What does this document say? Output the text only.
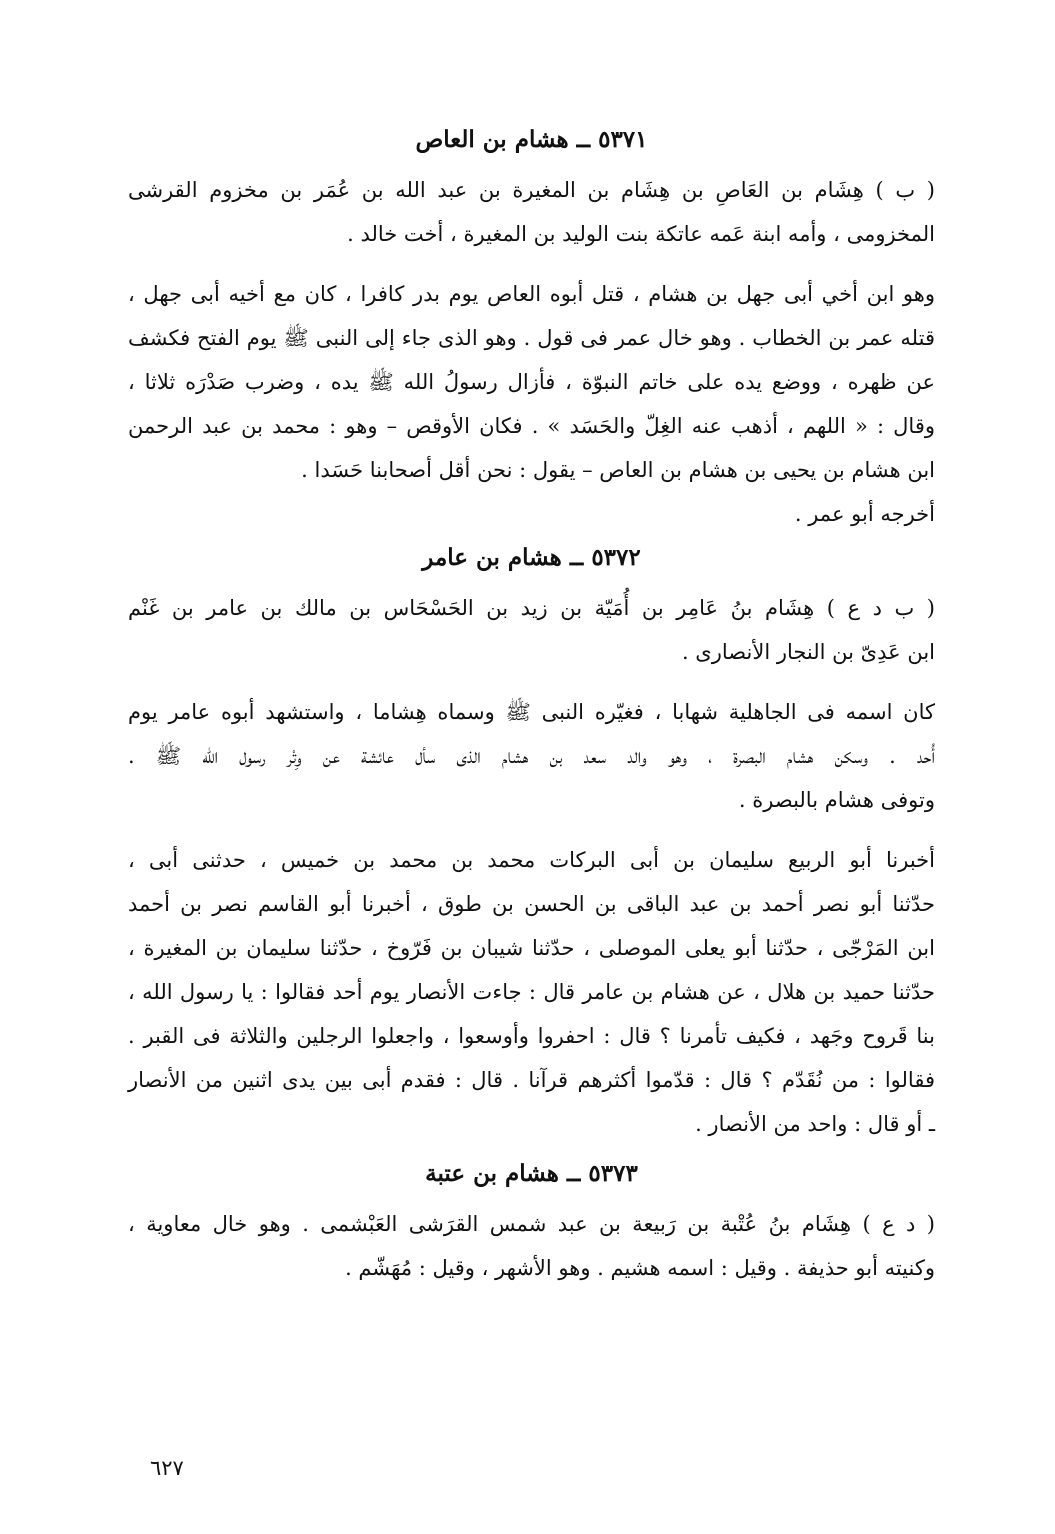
٥٣٧١ ــ هشام بن العاص

( ب ) هِشَام بن العَاصِ بن هِشَام بن المغيرة بن عبد الله بن عُمَر بن مخزوم القرشى

المخزومى ، وأمه ابنة عَمه عاتكة بنت الوليد بن المغيرة ، أخت خالد .

وهو ابن أخي أبى جهل بن هشام ، قتل أبوه العاص يوم بدر كافرا ، كان مع أخيه أبى جهل ،

قتله عمر بن الخطاب . وهو خال عمر فى قول . وهو الذى جاء إلى النبى ﷺ يوم الفتح فكشف

عن ظهره ، ووضع يده على خاتم النبوّة ، فأزال رسولُ الله ﷺ يده ، وضرب صَدْرَه ثلاثا ،

وقال : « اللهم ، أذهب عنه الغِلّ والحَسَد » . فكان الأوقص – وهو : محمد بن عبد الرحمن

ابن هشام بن يحيى بن هشام بن العاص – يقول : نحن أقل أصحابنا حَسَدا .

أخرجه أبو عمر .

٥٣٧٢ ــ هشام بن عامر

( ب د ع ) هِشَام بنُ عَامِر بن أُمَيّة بن زيد بن الحَسْحَاس بن مالك بن عامر بن غَنْم

ابن عَدِىّ بن النجار الأنصارى .

كان اسمه فى الجاهلية شهابا ، فغيّره النبى ﷺ وسماه هِشاما ، واستشهد أبوه عامر يوم

أُحد . وسكن هشام البصرة ، وهو والد سعد بن هشام الذى سأل عائشة عن وِتْر رسول الله ﷺ .

وتوفى هشام بالبصرة .

أخبرنا أبو الربيع سليمان بن أبى البركات محمد بن محمد بن خميس ، حدثنى أبى ،

حدّثنا أبو نصر أحمد بن عبد الباقى بن الحسن بن طوق ، أخبرنا أبو القاسم نصر بن أحمد

ابن المَرْجّى ، حدّثنا أبو يعلى الموصلى ، حدّثنا شيبان بن فَرّوخ ، حدّثنا سليمان بن المغيرة ،

حدّثنا حميد بن هلال ، عن هشام بن عامر قال : جاءت الأنصار يوم أحد فقالوا : يا رسول الله ،

بنا قَروح وجَهد ، فكيف تأمرنا ؟ قال : احفروا وأوسعوا ، واجعلوا الرجلين والثلاثة فى القبر .

فقالوا : من نُقَدّم ؟ قال : قدّموا أكثرهم قرآنا . قال : فقدم أبى بين يدى اثنين من الأنصار

ـ أو قال : واحد من الأنصار .

٥٣٧٣ ــ هشام بن عتبة

( د ع ) هِشَام بنُ عُتْبة بن رَبيعة بن عبد شمس القرَشى العَبْشمى . وهو خال معاوية ،

وكنيته أبو حذيفة . وقيل : اسمه هشيم . وهو الأشهر ، وقيل : مُهَشّم .

٦٢٧
